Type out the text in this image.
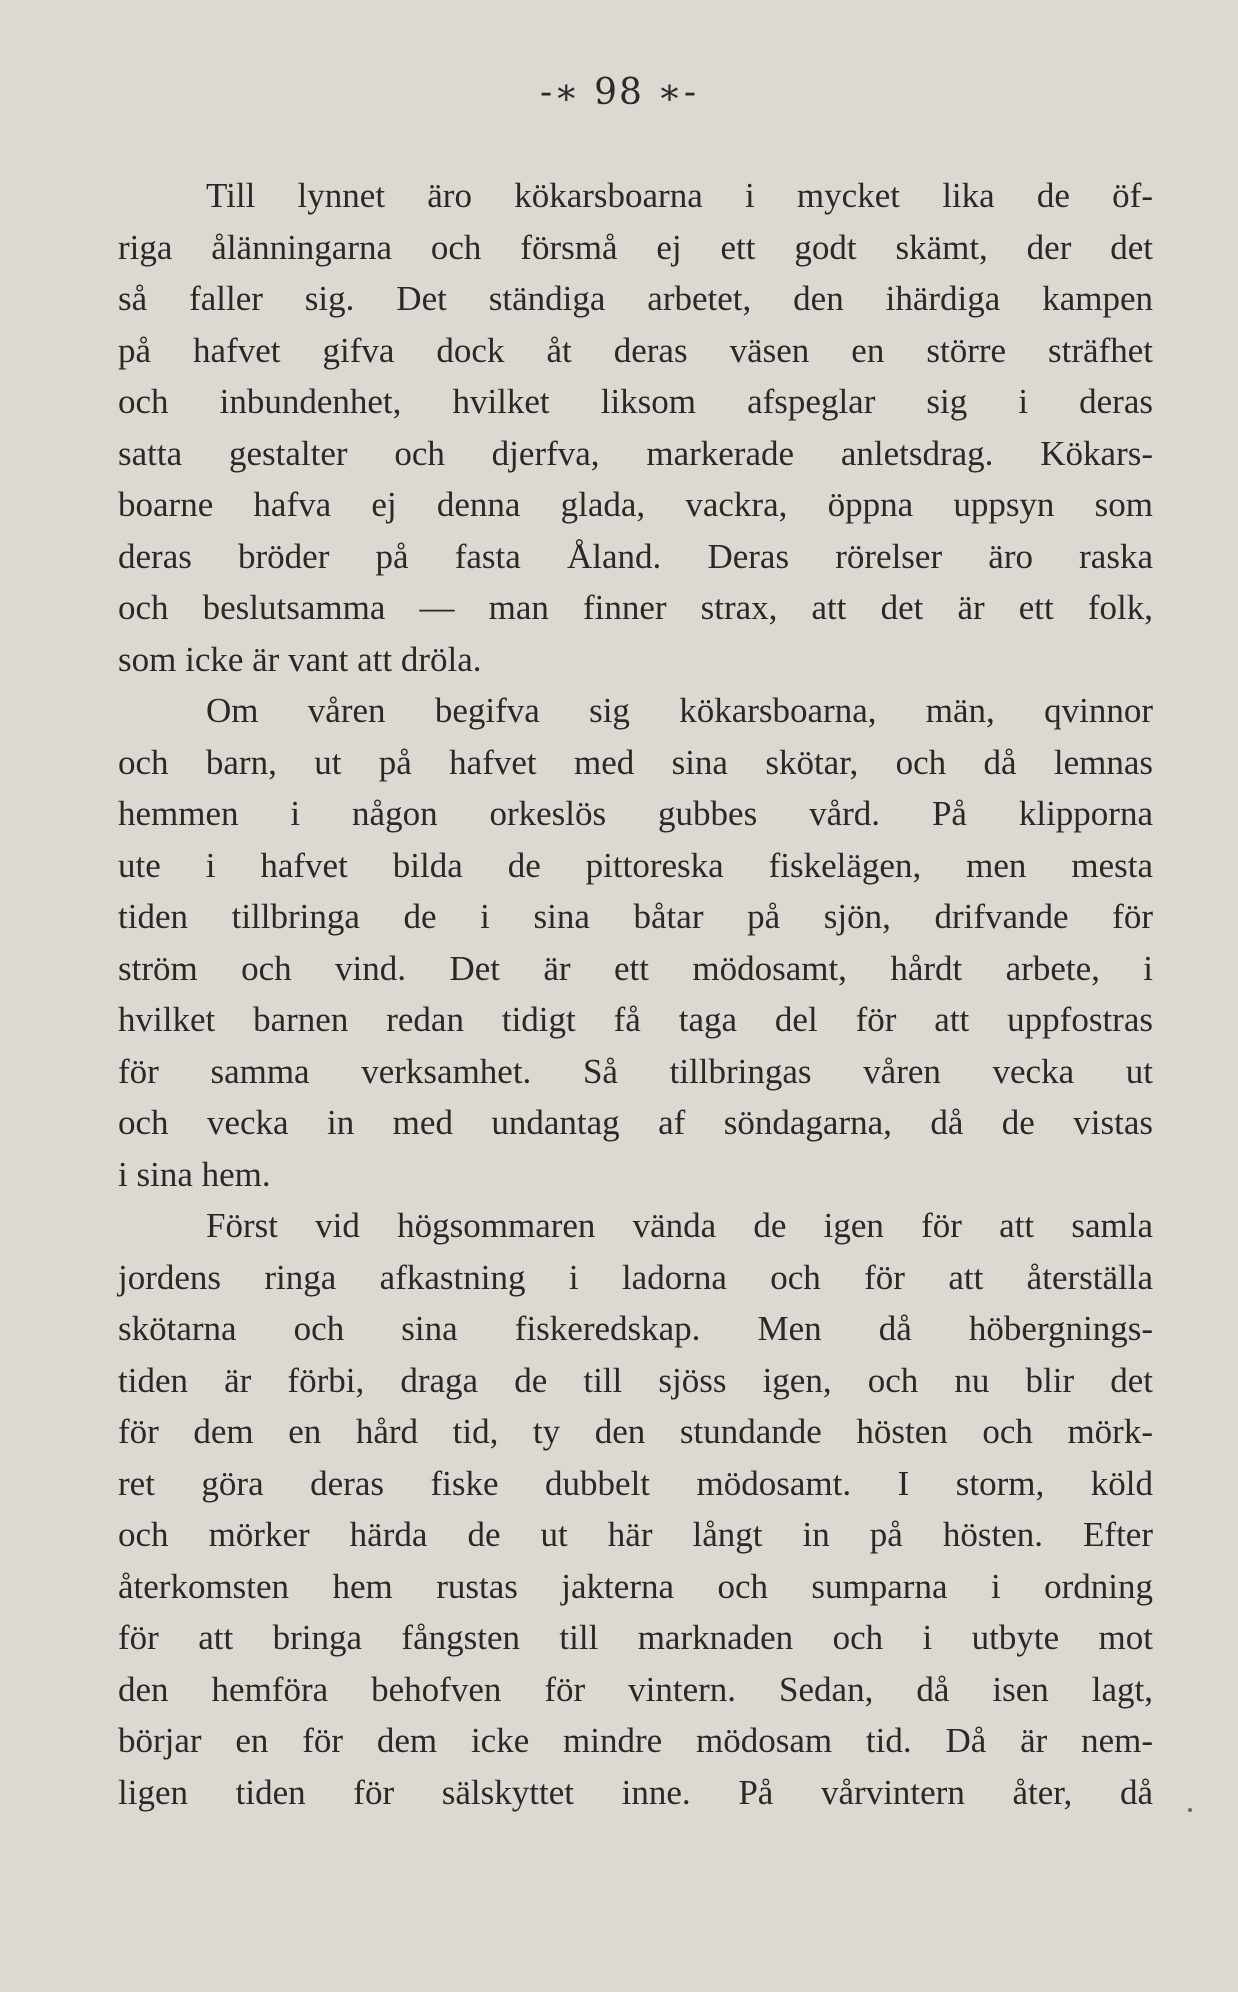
-∗ 98 ∗-
Till lynnet äro kökarsboarna i mycket lika de öf-
riga ålänningarna och försmå ej ett godt skämt, der det
så faller sig. Det ständiga arbetet, den ihärdiga kampen
på hafvet gifva dock åt deras väsen en större sträfhet
och inbundenhet, hvilket liksom afspeglar sig i deras
satta gestalter och djerfva, markerade anletsdrag. Kökars-
boarne hafva ej denna glada, vackra, öppna uppsyn som
deras bröder på fasta Åland. Deras rörelser äro raska
och beslutsamma — man finner strax, att det är ett folk,
som icke är vant att dröla.
Om våren begifva sig kökarsboarna, män, qvinnor
och barn, ut på hafvet med sina skötar, och då lemnas
hemmen i någon orkeslös gubbes vård. På klipporna
ute i hafvet bilda de pittoreska fiskelägen, men mesta
tiden tillbringa de i sina båtar på sjön, drifvande för
ström och vind. Det är ett mödosamt, hårdt arbete, i
hvilket barnen redan tidigt få taga del för att uppfostras
för samma verksamhet. Så tillbringas våren vecka ut
och vecka in med undantag af söndagarna, då de vistas
i sina hem.
Först vid högsommaren vända de igen för att samla
jordens ringa afkastning i ladorna och för att återställa
skötarna och sina fiskeredskap. Men då höbergnings-
tiden är förbi, draga de till sjöss igen, och nu blir det
för dem en hård tid, ty den stundande hösten och mörk-
ret göra deras fiske dubbelt mödosamt. I storm, köld
och mörker härda de ut här långt in på hösten. Efter
återkomsten hem rustas jakterna och sumparna i ordning
för att bringa fångsten till marknaden och i utbyte mot
den hemföra behofven för vintern. Sedan, då isen lagt,
börjar en för dem icke mindre mödosam tid. Då är nem-
ligen tiden för sälskyttet inne. På vårvintern åter, då
